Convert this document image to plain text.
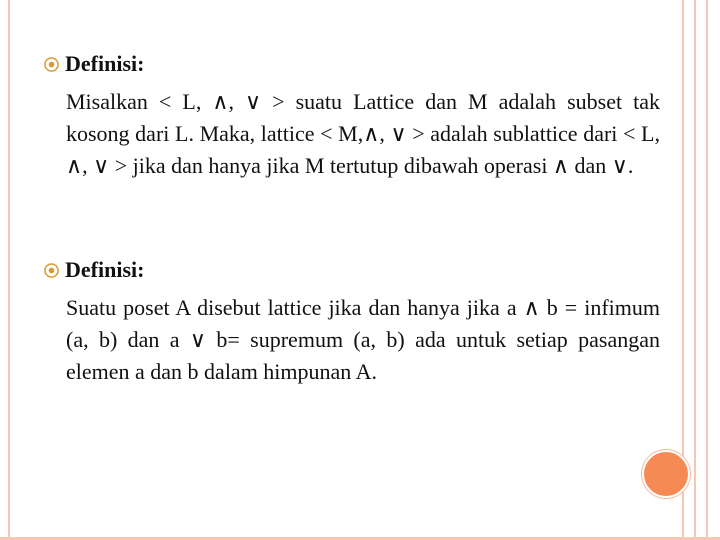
Definisi:
Misalkan < L, ∧, ∨ > suatu Lattice dan M adalah subset tak kosong dari L. Maka, lattice < M,∧, ∨ > adalah sublattice dari < L, ∧, ∨ > jika dan hanya jika M tertutup dibawah operasi ∧ dan ∨.
Definisi:
Suatu poset A disebut lattice jika dan hanya jika a ∧ b = infimum (a, b) dan a ∨ b= supremum (a, b) ada untuk setiap pasangan elemen a dan b dalam himpunan A.
